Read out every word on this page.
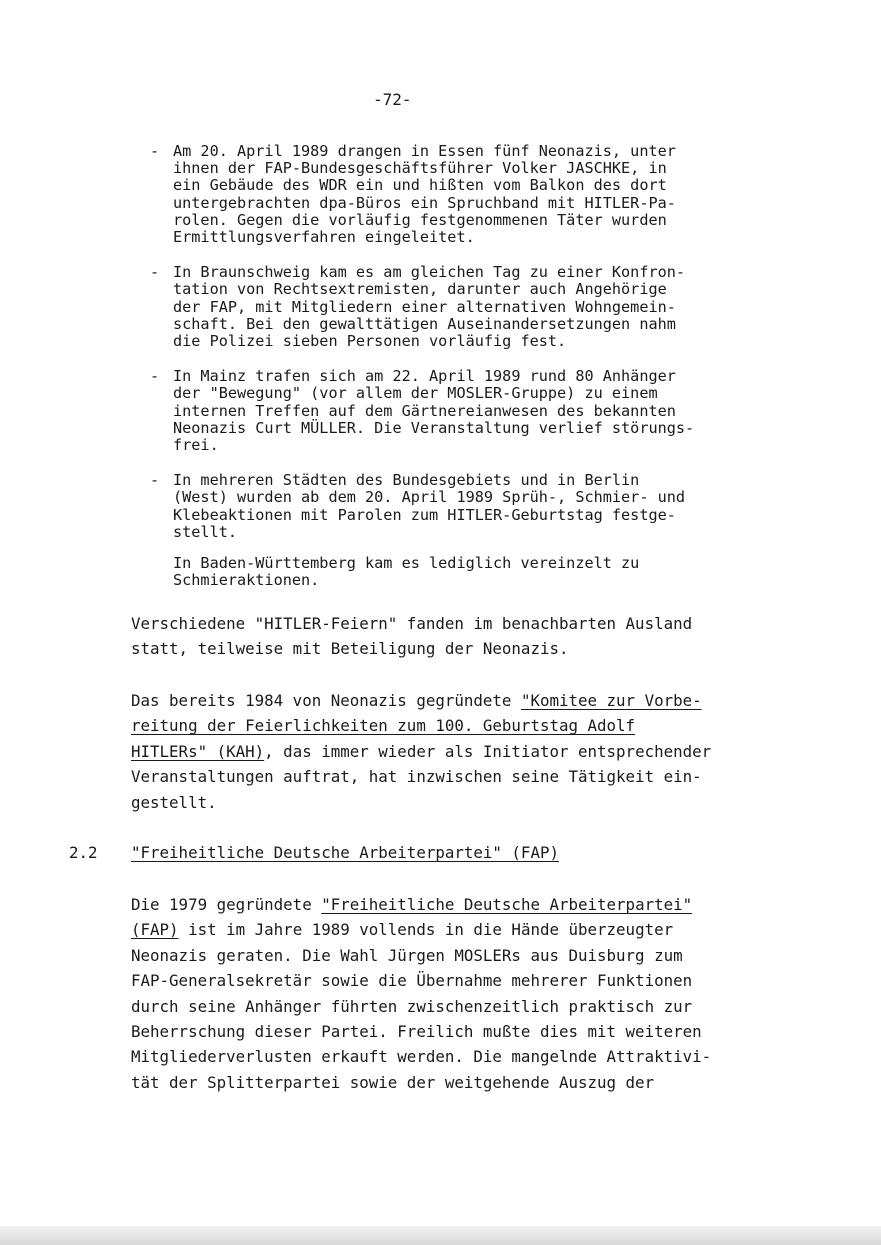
-72-
- Am 20. April 1989 drangen in Essen fünf Neonazis, unter
ihnen der FAP-Bundesgeschäftsführer Volker JASCHKE, in
ein Gebäude des WDR ein und hißten vom Balkon des dort
untergebrachten dpa-Büros ein Spruchband mit HITLER-Pa-
rolen. Gegen die vorläufig festgenommenen Täter wurden
Ermittlungsverfahren eingeleitet.
- In Braunschweig kam es am gleichen Tag zu einer Konfron-
tation von Rechtsextremisten, darunter auch Angehörige
der FAP, mit Mitgliedern einer alternativen Wohngemein-
schaft. Bei den gewalttätigen Auseinandersetzungen nahm
die Polizei sieben Personen vorläufig fest.
- In Mainz trafen sich am 22. April 1989 rund 80 Anhänger
der "Bewegung" (vor allem der MOSLER-Gruppe) zu einem
internen Treffen auf dem Gärtnereianwesen des bekannten
Neonazis Curt MÜLLER. Die Veranstaltung verlief störungs-
frei.
- In mehreren Städten des Bundesgebiets und in Berlin
(West) wurden ab dem 20. April 1989 Sprüh-, Schmier- und
Klebeaktionen mit Parolen zum HITLER-Geburtstag festge-
stellt.
In Baden-Württemberg kam es lediglich vereinzelt zu
Schmieraktionen.
Verschiedene "HITLER-Feiern" fanden im benachbarten Ausland
statt, teilweise mit Beteiligung der Neonazis.
Das bereits 1984 von Neonazis gegründete "Komitee zur Vorbe-
reitung der Feierlichkeiten zum 100. Geburtstag Adolf
HITLERs" (KAH), das immer wieder als Initiator entsprechender
Veranstaltungen auftrat, hat inzwischen seine Tätigkeit ein-
gestellt.
2.2 "Freiheitliche Deutsche Arbeiterpartei" (FAP)
Die 1979 gegründete "Freiheitliche Deutsche Arbeiterpartei"
(FAP) ist im Jahre 1989 vollends in die Hände überzeugter
Neonazis geraten. Die Wahl Jürgen MOSLERs aus Duisburg zum
FAP-Generalsekretär sowie die Übernahme mehrerer Funktionen
durch seine Anhänger führten zwischenzeitlich praktisch zur
Beherrschung dieser Partei. Freilich mußte dies mit weiteren
Mitgliederverlusten erkauft werden. Die mangelnde Attraktivi-
tät der Splitterpartei sowie der weitgehende Auszug der
